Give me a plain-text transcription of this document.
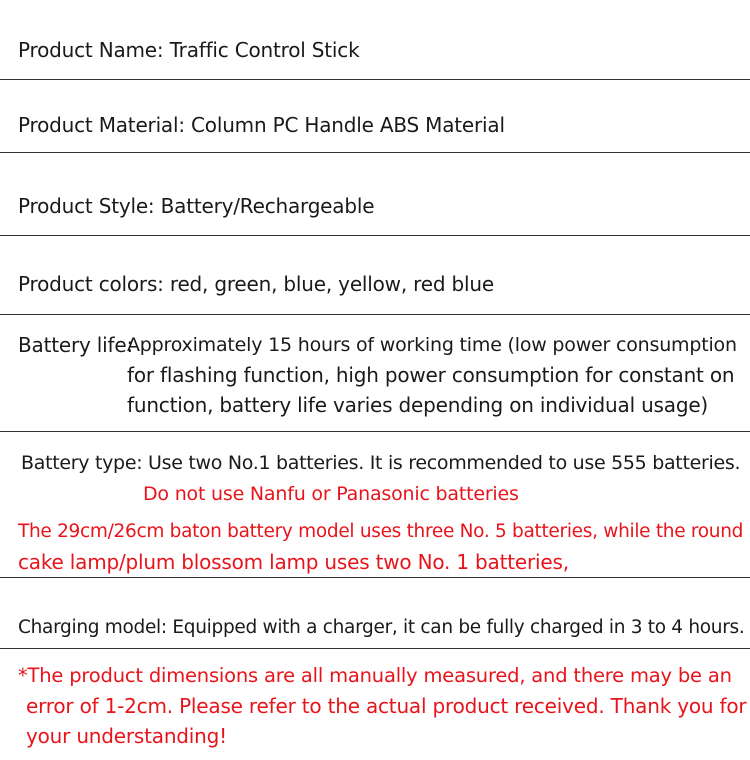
Product Name: Traffic Control Stick
Product Material: Column PC Handle ABS Material
Product Style: Battery/Rechargeable
Product colors: red, green, blue, yellow, red blue
Battery life:
Approximately 15 hours of working time (low power consumption
for flashing function, high power consumption for constant on
function, battery life varies depending on individual usage)
Battery type: Use two No.1 batteries. It is recommended to use 555 batteries.
Do not use Nanfu or Panasonic batteries
The 29cm/26cm baton battery model uses three No. 5 batteries, while the round
cake lamp/plum blossom lamp uses two No. 1 batteries,
Charging model: Equipped with a charger, it can be fully charged in 3 to 4 hours.
*The product dimensions are all manually measured, and there may be an
error of 1-2cm. Please refer to the actual product received. Thank you for
your understanding!
